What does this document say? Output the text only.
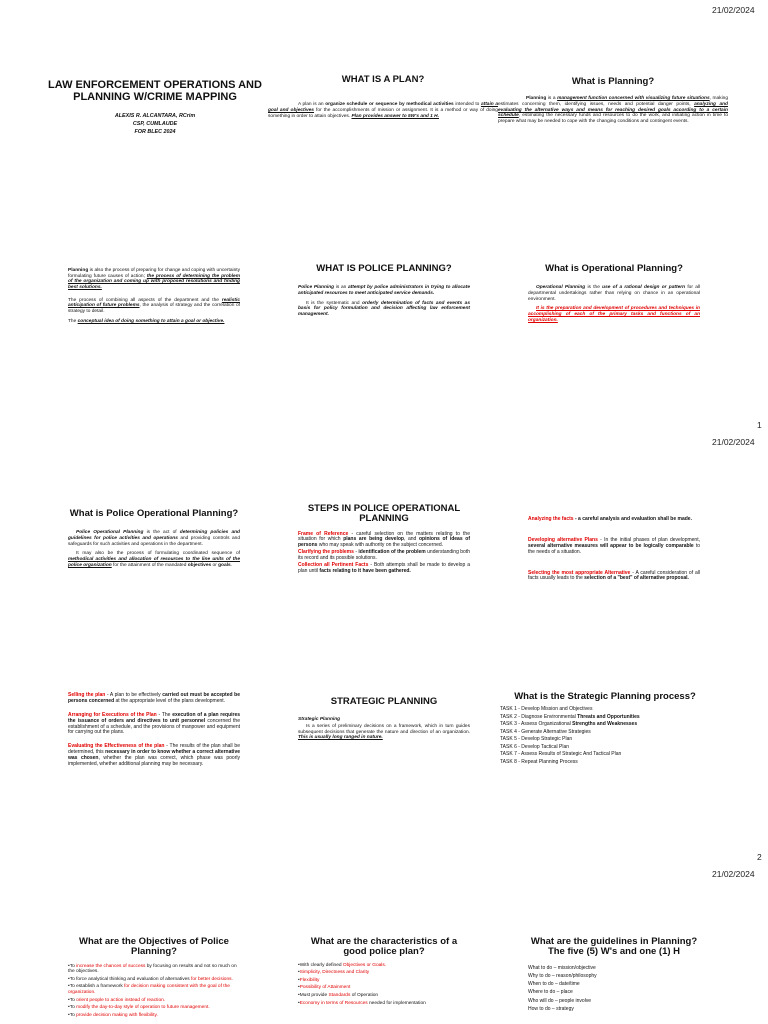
21/02/2024
1
21/02/2024
2
21/02/2024
LAW ENFORCEMENT OPERATIONS AND PLANNING W/CRIME MAPPING
ALEXIS R. ALCANTARA, RCrim
CSP, CUMLAUDE
FOR BLEC 2024
WHAT IS A PLAN?

A plan is an organize schedule or sequence by methodical activities intended to attain a goal and objectives for the accomplishments of mission or assignment. It is a method or way of doing something in order to attain objectives. Plan provides answer to 5W's and 1 H.

What is Planning?

Planning is a management function concerned with visualizing future situations, making estimates concerning them, identifying issues, needs and potential danger points, analyzing and evaluating the alternative ways and means for reaching desired goals according to a certain schedule, estimating the necessary funds and resources to do the work, and initiating action in time to prepare what may be needed to cope with the changing conditions and contingent events.

Planning is also the process of preparing for change and coping with uncertainty formulating future causes of action; the process of determining the problem of the organization and coming up with proposed resolutions and finding best solutions.

The process of combining all aspects of the department and the realistic anticipation of future problems, the analysis of strategy and the correlation of strategy to detail.

The conceptual idea of doing something to attain a goal or objective.

WHAT IS POLICE PLANNING?

Police Planning is an attempt by police administrators in trying to allocate anticipated resources to meet anticipated service demands.

It is the systematic and orderly determination of facts and events as basis for policy formulation and decision affecting law enforcement management.

What is Operational Planning?

Operational Planning is the use of a rational design or pattern for all departmental undertakings rather than relying on chance in an operational environment.

It is the preparation and development of procedures and techniques in accomplishing of each of the primary tasks and functions of an organization.

What is Police Operational Planning?

Police Operational Planning is the act of determining policies and guidelines for police activities and operations and providing controls and safeguards for such activities and operations in the department.

It may also be the process of formulating coordinated sequence of methodical activities and allocation of resources to the line units of the police organization for the attainment of the mandated objectives or goals.

STEPS IN POLICE OPERATIONAL PLANNING

Frame of Reference - careful selection on the matters relating to the situation for which plans are being develop, and opinions of ideas of persons who may speak with authority on the subject concerned.

Clarifying the problems - identification of the problem understanding both its record and its possible solutions.

Collection all Pertinent Facts - Both attempts shall be made to develop a plan until facts relating to it have been gathered.

Analyzing the facts - a careful analysis and evaluation shall be made.

Developing alternative Plans - In the initial phases of plan development, several alternative measures will appear to be logically comparable to the needs of a situation.

Selecting the most appropriate Alternative - A careful consideration of all facts usually leads to the selection of a "best" of alternative proposal.

Selling the plan - A plan to be effectively carried out must be accepted be persons concerned at the appropriate level of the plans development.

Arranging for Executions of the Plan - The execution of a plan requires the issuance of orders and directives to unit personnel concerned the establishment of a schedule, and the provisions of manpower and equipment for carrying out the plans.

Evaluating the Effectiveness of the plan - The results of the plan shall be determined, this necessary in order to know whether a correct alternative was chosen, whether the plan was correct, which phase was poorly implemented, whether additional planning may be necessary.

STRATEGIC PLANNING

Strategic Planning

Is a series of preliminary decisions on a framework, which in turn guides subsequent decisions that generate the nature and direction of an organization. This is usually long ranged in nature.

What is the Strategic Planning process?
TASK 1 - Develop Mission and Objectives
TASK 2 - Diagnose Environmental Threats and Opportunities
TASK 3 - Assess Organizational Strengths and Weaknesses
TASK 4 - Generate Alternative Strategies
TASK 5 - Develop Strategic Plan
TASK 6 - Develop Tactical Plan
TASK 7 - Assess Results of Strategic And Tactical Plan
TASK 8 - Repeat Planning Process
What are the Objectives of Police Planning?
•To increase the chances of success by focusing on results and not so much on the objectives.
•To force analytical thinking and evaluation of alternatives for better decisions.
•To establish a framework for decision making consistent with the goal of the organization.
•To orient people to action instead of reaction.
•To modify the day-to-day style of operation to future management.
•To provide decision making with flexibility.
What are the characteristics of a good police plan?
•With clearly defined Objectives or Goals.
•Simplicity, Directness and Clarity
•Flexibility
•Possibility of Attainment
•Must provide Standards of Operation
•Economy in terms of Resources needed for implementation
What are the guidelines in Planning? The five (5) W's and one (1) H
What to do – mission/objective
Why to do – reason/philosophy
When to do – date/time
Where to do – place
Who will do – people involve
How to do – strategy
